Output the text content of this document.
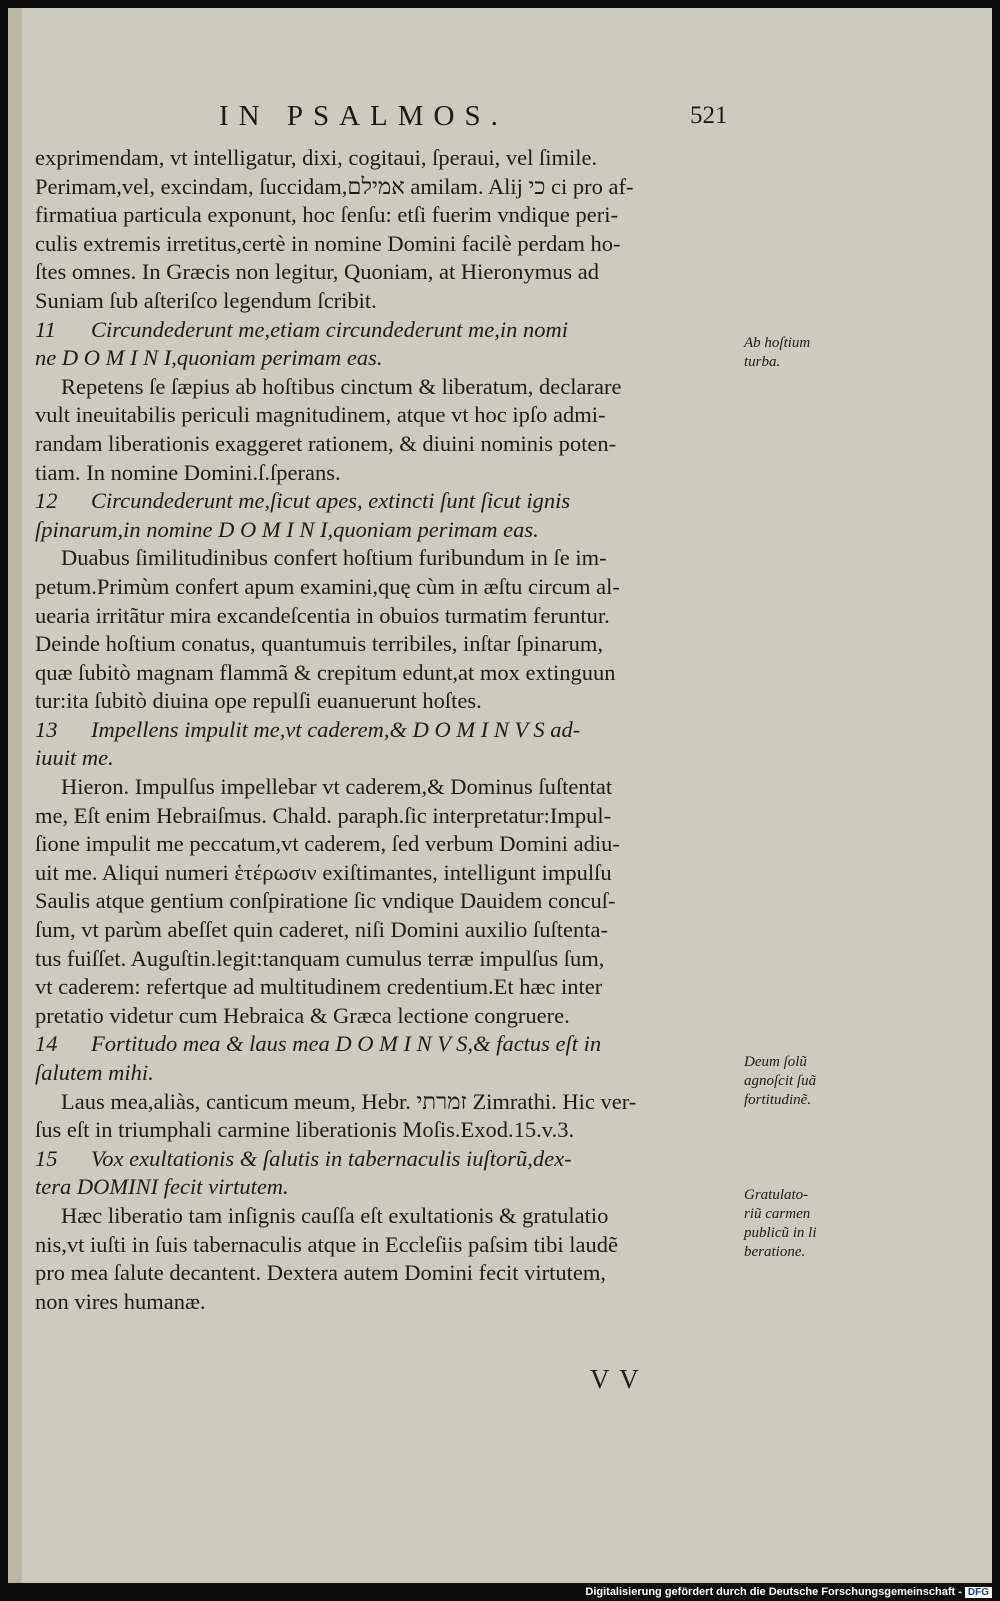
IN PSALMOS.	521
exprimendam, vt intelligatur, dixi, cogitaui, ſperaui, vel ſimile.
Perimam,vel, excindam, ſuccidam,אמילם amilam. Alij כי ci pro af-
firmatiua particula exponunt, hoc ſenſu: etſi fuerim vndique peri-
culis extremis irretitus,certè in nomine Domini facilè perdam ho-
ſtes omnes. In Græcis non legitur, Quoniam, at Hieronymus ad
Suniam ſub aſteriſco legendum ſcribit.
11 Circundederunt me,etiam circundederunt me,in nomi
ne D O M I N I,quoniam perimam eas.
Repetens ſe ſæpius ab hoſtibus cinctum & liberatum, declarare
vult ineuitabilis periculi magnitudinem, atque vt hoc ipſo admi-
randam liberationis exaggeret rationem, & diuini nominis poten-
tiam. In nomine Domini.ſ.ſperans.
12 Circundederunt me,ſicut apes, extincti ſunt ſicut ignis
ſpinarum,in nomine D O M I N I,quoniam perimam eas.
Duabus ſimilitudinibus confert hoſtium furibundum in ſe im-
petum.Primùm confert apum examini,quę cùm in æſtu circum al-
uearia irritãtur mira excandeſcentia in obuios turmatim feruntur.
Deinde hoſtium conatus, quantumuis terribiles, inſtar ſpinarum,
quæ ſubitò magnam flammã & crepitum edunt,at mox extinguun
tur:ita ſubitò diuina ope repulſi euanuerunt hoſtes.
13 Impellens impulit me,vt caderem,& D O M I N V S ad-
iuuit me.
Hieron. Impulſus impellebar vt caderem,& Dominus ſuſtentat
me, Eſt enim Hebraiſmus. Chald. paraph.ſic interpretatur:Impul-
ſione impulit me peccatum,vt caderem, ſed verbum Domini adiu-
uit me. Aliqui numeri ἑτέρωσιν exiſtimantes, intelligunt impulſu
Saulis atque gentium conſpiratione ſic vndique Dauidem concuſ-
ſum, vt parùm abeſſet quin caderet, niſi Domini auxilio ſuſtenta-
tus fuiſſet. Auguſtin.legit:tanquam cumulus terræ impulſus ſum,
vt caderem: refertque ad multitudinem credentium.Et hæc inter
pretatio videtur cum Hebraica & Græca lectione congruere.
14 Fortitudo mea & laus mea D O M I N V S,& factus eſt in
ſalutem mihi.
Laus mea,aliàs, canticum meum, Hebr. זמרתי Zimrathi. Hic ver-
ſus eſt in triumphali carmine liberationis Moſis.Exod.15.v.3.
15 Vox exultationis & ſalutis in tabernaculis iuſtorũ,dex-
tera DOMINI fecit virtutem.
Hæc liberatio tam inſignis cauſſa eſt exultationis & gratulatio
nis,vt iuſti in ſuis tabernaculis atque in Eccleſiis paſsim tibi laudẽ
pro mea ſalute decantent. Dextera autem Domini fecit virtutem,
non vires humanæ.
Ab hoſtium
turba.
Deum ſolũ
agnoſcit ſuã
fortitudinẽ.
Gratulato-
riũ carmen
publicũ in li
beratione.
V V
Digitalisierung gefördert durch die Deutsche Forschungsgemeinschaft - DFG
